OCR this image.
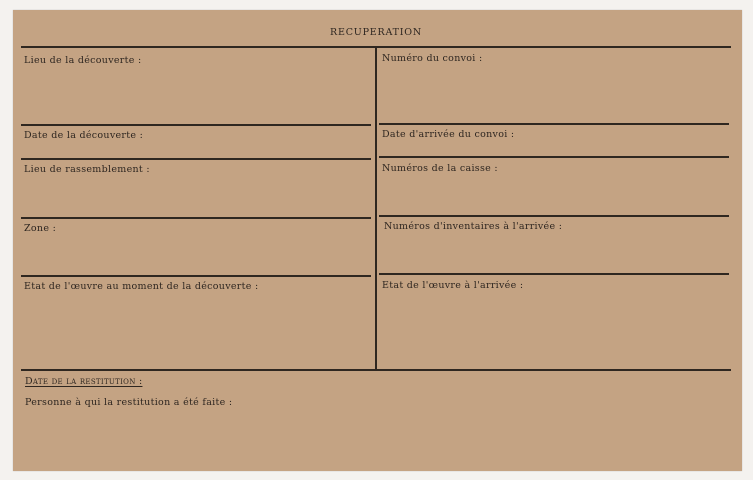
RECUPERATION
Lieu de la découverte :
Date de la découverte :
Lieu de rassemblement :
Zone :
Etat de l'œuvre au moment de la découverte :
Numéro du convoi :
Date d'arrivée du convoi :
Numéros de la caisse :
Numéros d'inventaires à l'arrivée :
Etat de l'œuvre à l'arrivée :
Date de la restitution :
Personne à qui la restitution a été faite :
